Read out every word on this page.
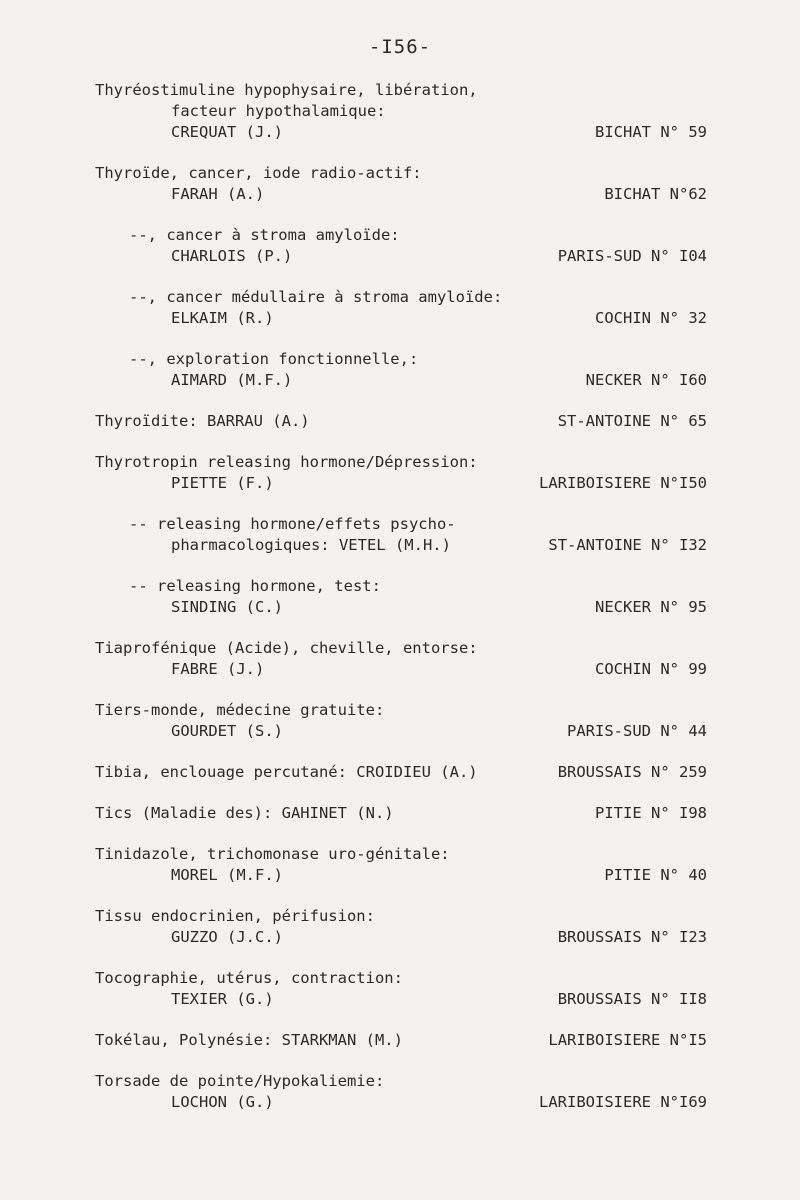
-I56-
Thyréostimuline hypophysaire, libération,
facteur hypothalamique:
CREQUAT (J.)	BICHAT N° 59
Thyroïde, cancer, iode radio-actif:
FARAH (A.)	BICHAT N°62
--, cancer à stroma amyloïde:
CHARLOIS (P.)	PARIS-SUD N° I04
--, cancer médullaire à stroma amyloïde:
ELKAIM (R.)	COCHIN N° 32
--, exploration fonctionnelle,:
AIMARD (M.F.)	NECKER N° I60
Thyroïdite: BARRAU (A.)	ST-ANTOINE N° 65
Thyrotropin releasing hormone/Dépression:
PIETTE (F.)	LARIBOISIERE N°I50
-- releasing hormone/effets psycho-
pharmacologiques: VETEL (M.H.)	ST-ANTOINE N° I32
-- releasing hormone, test:
SINDING (C.)	NECKER N° 95
Tiaprofénique (Acide), cheville, entorse:
FABRE (J.)	COCHIN N° 99
Tiers-monde, médecine gratuite:
GOURDET (S.)	PARIS-SUD N° 44
Tibia, enclouage percutané: CROIDIEU (A.)	BROUSSAIS N° 259
Tics (Maladie des): GAHINET (N.)	PITIE N° I98
Tinidazole, trichomonase uro-génitale:
MOREL (M.F.)	PITIE N° 40
Tissu endocrinien, périfusion:
GUZZO (J.C.)	BROUSSAIS N° I23
Tocographie, utérus, contraction:
TEXIER (G.)	BROUSSAIS N° II8
Tokélau, Polynésie: STARKMAN (M.)	LARIBOISIERE N°I5
Torsade de pointe/Hypokaliemie:
LOCHON (G.)	LARIBOISIERE N°I69
